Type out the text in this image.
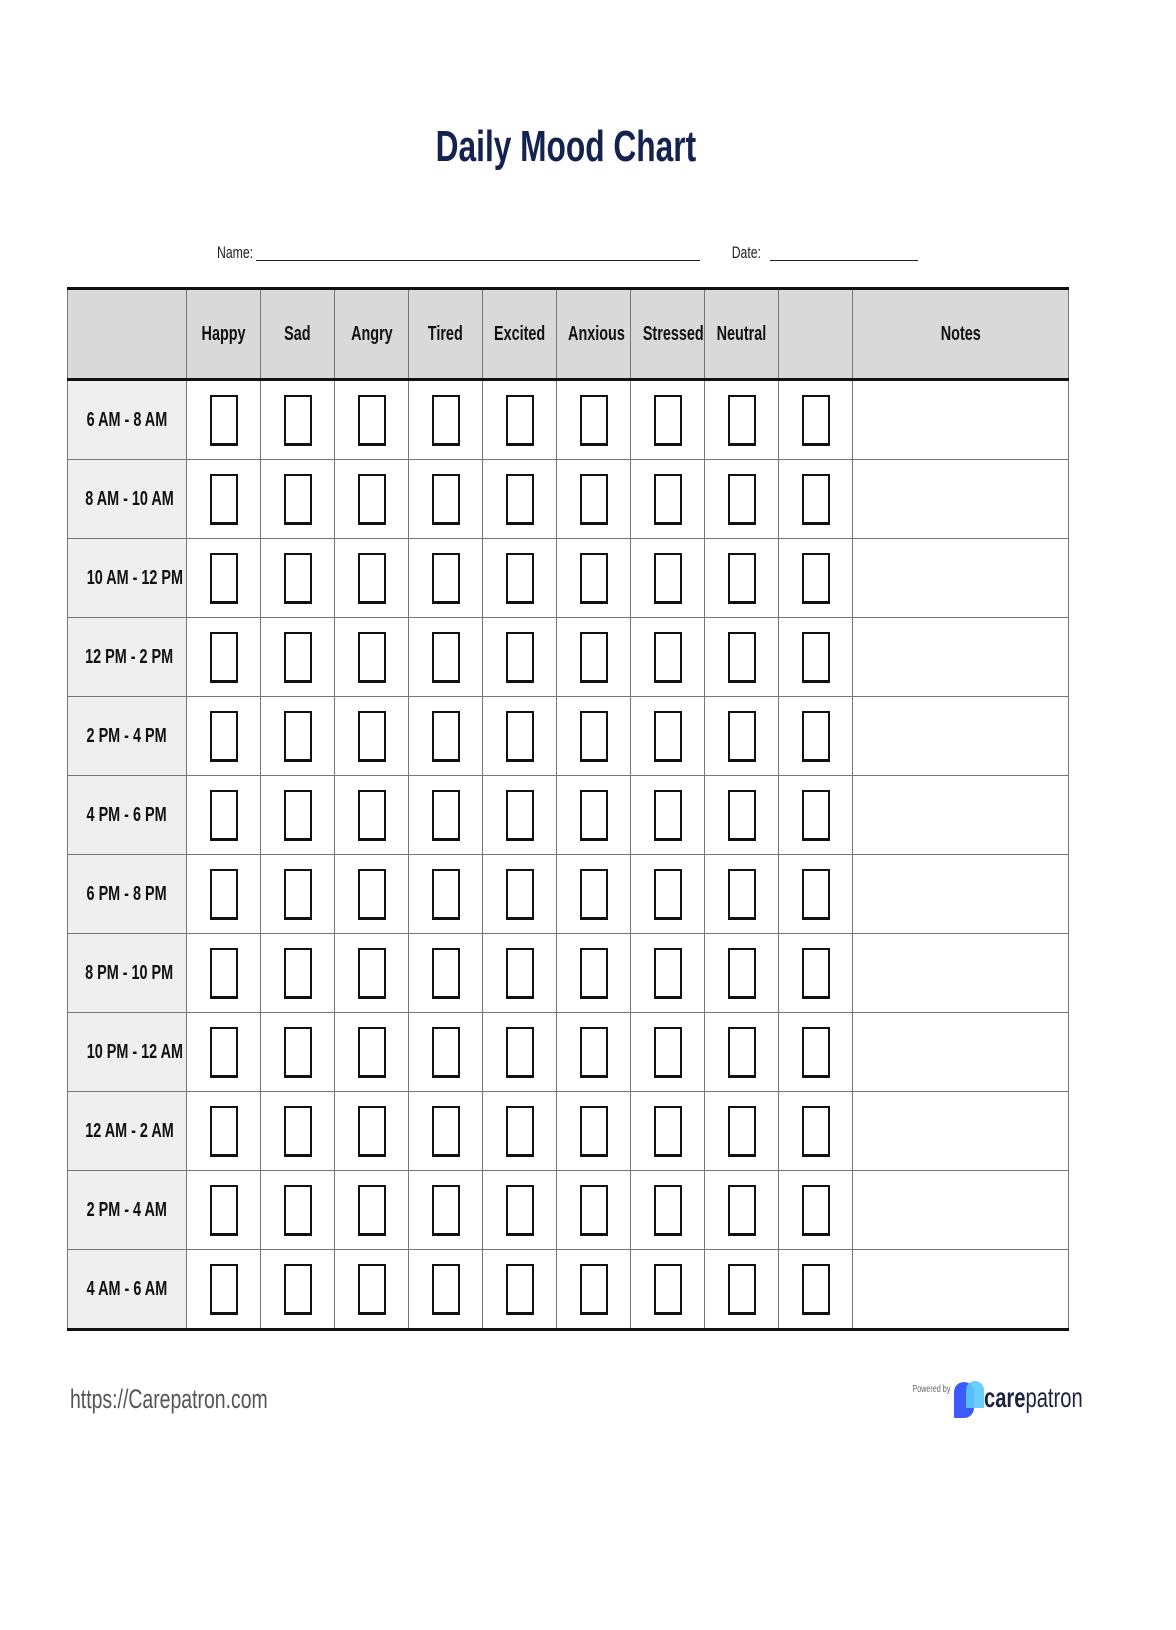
Daily Mood Chart
Name:	Date:
	Happy	Sad	Angry	Tired	Excited	Anxious	Stressed	Neutral		Notes
6 AM - 8 AM										
8 AM - 10 AM										
10 AM - 12 PM										
12 PM - 2 PM										
2 PM - 4 PM										
4 PM - 6 PM										
6 PM - 8 PM										
8 PM - 10 PM										
10 PM - 12 AM										
12 AM - 2 AM										
2 PM - 4 AM										
4 AM - 6 AM										
https://Carepatron.com	Powered by carepatron
